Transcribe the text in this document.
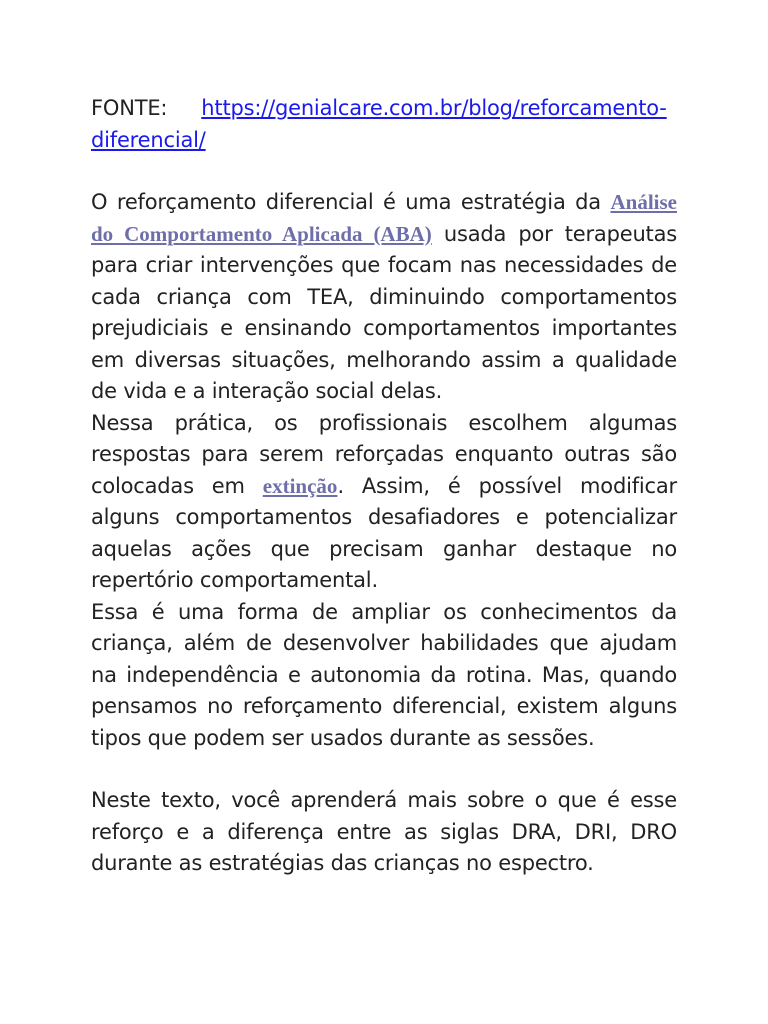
FONTE: https://genialcare.com.br/blog/reforcamento-
diferencial/

O reforçamento diferencial é uma estratégia da Análise do Comportamento Aplicada (ABA) usada por terapeutas para criar intervenções que focam nas necessidades de cada criança com TEA, diminuindo comportamentos prejudiciais e ensinando comportamentos importantes em diversas situações, melhorando assim a qualidade de vida e a interação social delas.

Nessa prática, os profissionais escolhem algumas respostas para serem reforçadas enquanto outras são colocadas em extinção. Assim, é possível modificar alguns comportamentos desafiadores e potencializar aquelas ações que precisam ganhar destaque no repertório comportamental.

Essa é uma forma de ampliar os conhecimentos da criança, além de desenvolver habilidades que ajudam na independência e autonomia da rotina. Mas, quando pensamos no reforçamento diferencial, existem alguns tipos que podem ser usados durante as sessões.

Neste texto, você aprenderá mais sobre o que é esse reforço e a diferença entre as siglas DRA, DRI, DRO durante as estratégias das crianças no espectro.
